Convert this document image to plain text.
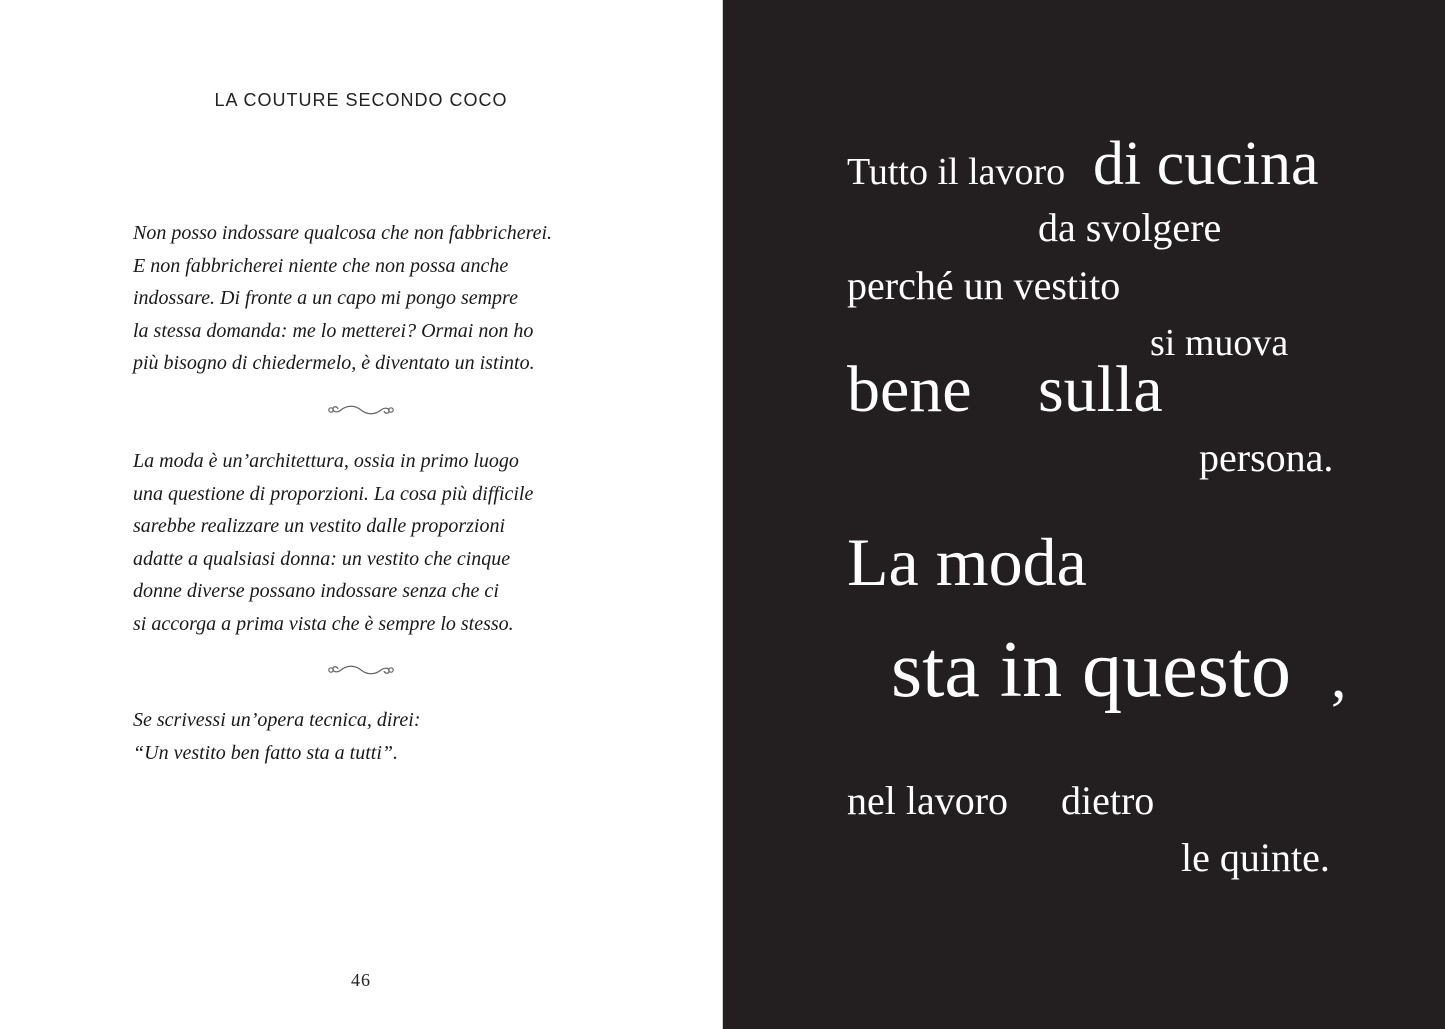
LA COUTURE SECONDO COCO
Non posso indossare qualcosa che non fabbricherei.
E non fabbricherei niente che non possa anche
indossare. Di fronte a un capo mi pongo sempre
la stessa domanda: me lo metterei? Ormai non ho
più bisogno di chiedermelo, è diventato un istinto.
La moda è un’architettura, ossia in primo luogo
una questione di proporzioni. La cosa più difficile
sarebbe realizzare un vestito dalle proporzioni
adatte a qualsiasi donna: un vestito che cinque
donne diverse possano indossare senza che ci
si accorga a prima vista che è sempre lo stesso.
Se scrivessi un’opera tecnica, direi:
“Un vestito ben fatto sta a tutti”.
46
Tutto il lavoro di cucina
da svolgere
perché un vestito
si muova
bene sulla
persona.
La moda
sta in questo ,
nel lavoro dietro
le quinte.
